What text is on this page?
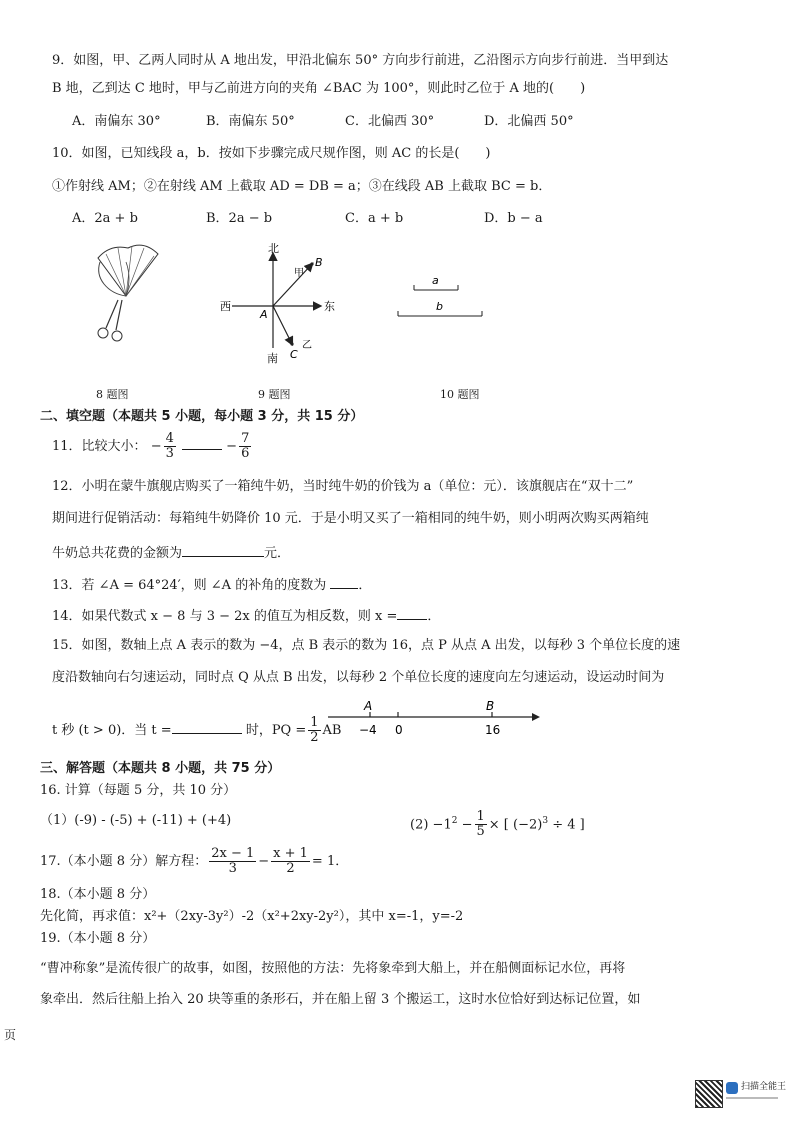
9．如图，甲、乙两人同时从 A 地出发，甲沿北偏东 50° 方向步行前进，乙沿图示方向步行前进．当甲到达
B 地，乙到达 C 地时，甲与乙前进方向的夹角 ∠BAC 为 100°，则此时乙位于 A 地的(　　)
A．南偏东 30°	B．南偏东 50°	C．北偏西 30°	D．北偏西 50°
10．如图，已知线段 a，b．按如下步骤完成尺规作图，则 AC 的长是(　　)
①作射线 AM；②在射线 AM 上截取 AD = DB = a；③在线段 AB 上截取 BC = b．
A．2a + b	B．2a − b	C．a + b	D．b − a
8 题图
北
南
西	东
A
B
C
甲
乙
9 题图
a
b
10 题图
二、填空题（本题共 5 小题，每小题 3 分，共 15 分）
11．比较大小： − $\frac{4}{3}$	− $\frac{7}{6}$
12．小明在蒙牛旗舰店购买了一箱纯牛奶，当时纯牛奶的价钱为 a（单位：元）．该旗舰店在“双十二”
期间进行促销活动：每箱纯牛奶降价 10 元．于是小明又买了一箱相同的纯牛奶，则小明两次购买两箱纯
牛奶总共花费的金额为	元．
13．若 ∠A = 64°24′，则 ∠A 的补角的度数为 ．
14．如果代数式 x − 8 与 3 − 2x 的值互为相反数，则 x = ．
15．如图，数轴上点 A 表示的数为 −4，点 B 表示的数为 16，点 P 从点 A 出发，以每秒 3 个单位长度的速
度沿数轴向右匀速运动，同时点 Q 从点 B 出发，以每秒 2 个单位长度的速度向左匀速运动，设运动时间为
t 秒 (t > 0)．当 t =	时，PQ = $\frac{1}{2}$ AB
A	B
−4 0	16
三、解答题（本题共 8 小题，共 75 分）
16. 计算（每题 5 分，共 10 分）
（1）(-9) - (-5) + (-11) + (+4)	$(2) -1^2 - \frac{1}{5}$ × [ $(-2)^3 \div 4$ ]
17.（本小题 8 分）解方程： $\frac{2x - 1}{3} - \frac{x + 1}{2} = 1$．
18.（本小题 8 分）
先化简，再求值：x²+（2xy-3y²）-2（x²+2xy-2y²），其中 x=-1，y=-2
19.（本小题 8 分）
“曹冲称象”是流传很广的故事，如图，按照他的方法：先将象牵到大船上，并在船侧面标记水位，再将
象牵出．然后往船上抬入 20 块等重的条形石，并在船上留 3 个搬运工，这时水位恰好到达标记位置，如
页
扫描全能王
